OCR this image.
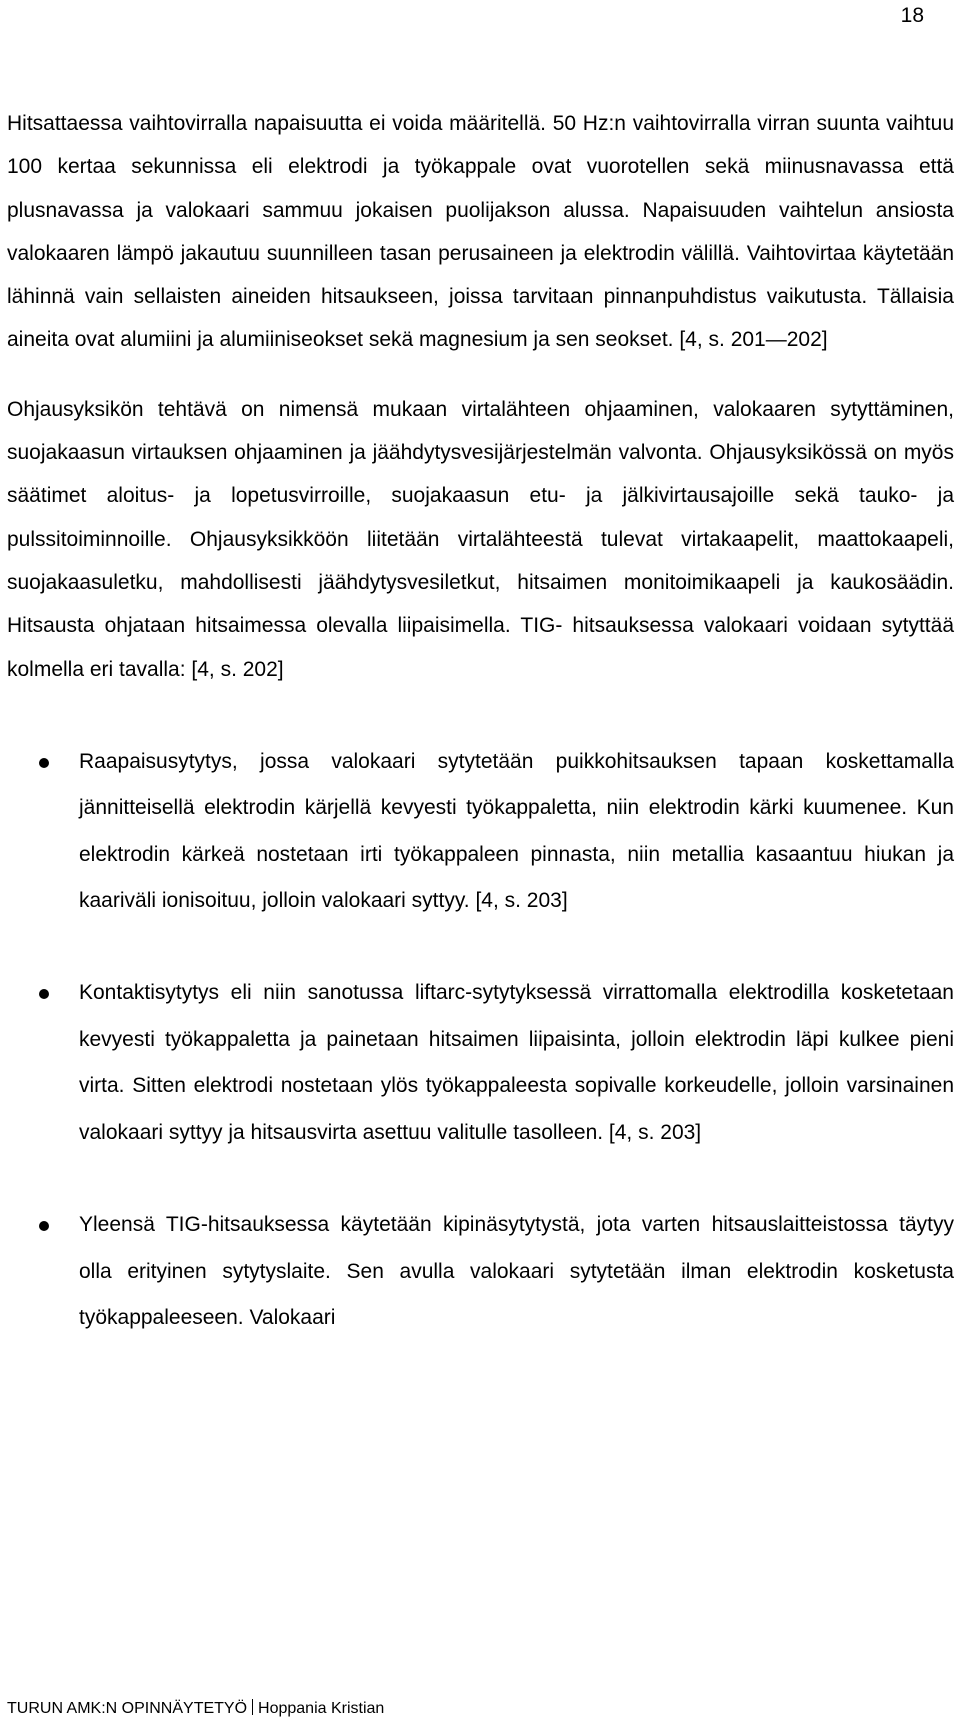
18

Hitsattaessa vaihtovirralla napaisuutta ei voida määritellä. 50 Hz:n vaihtovirralla virran suunta vaihtuu 100 kertaa sekunnissa eli elektrodi ja työkappale ovat vuorotellen sekä miinusnavassa että plusnavassa ja valokaari sammuu jokaisen puolijakson alussa. Napaisuuden vaihtelun ansiosta valokaaren lämpö jakautuu suunnilleen tasan perusaineen ja elektrodin välillä. Vaihtovirtaa käytetään lähinnä vain sellaisten aineiden hitsaukseen, joissa tarvitaan pinnanpuhdistus vaikutusta. Tällaisia aineita ovat alumiini ja alumiiniseokset sekä magnesium ja sen seokset. [4, s. 201—202]

Ohjausyksikön tehtävä on nimensä mukaan virtalähteen ohjaaminen, valokaaren sytyttäminen, suojakaasun virtauksen ohjaaminen ja jäähdytysvesijärjestelmän valvonta. Ohjausyksikössä on myös säätimet aloitus- ja lopetusvirroille, suojakaasun etu- ja jälkivirtausajoille sekä tauko- ja pulssitoiminnoille. Ohjausyksikköön liitetään virtalähteestä tulevat virtakaapelit, maattokaapeli, suojakaasuletku, mahdollisesti jäähdytysvesiletkut, hitsaimen monitoimikaapeli ja kaukosäädin. Hitsausta ohjataan hitsaimessa olevalla liipaisimella. TIG- hitsauksessa valokaari voidaan sytyttää kolmella eri tavalla: [4, s. 202]

Raapaisusytytys, jossa valokaari sytytetään puikkohitsauksen tapaan koskettamalla jännitteisellä elektrodin kärjellä kevyesti työkappaletta, niin elektrodin kärki kuumenee. Kun elektrodin kärkeä nostetaan irti työkappaleen pinnasta, niin metallia kasaantuu hiukan ja kaariväli ionisoituu, jolloin valokaari syttyy. [4, s. 203]
Kontaktisytytys eli niin sanotussa liftarc-sytytyksessä virrattomalla elektrodilla kosketetaan kevyesti työkappaletta ja painetaan hitsaimen liipaisinta, jolloin elektrodin läpi kulkee pieni virta. Sitten elektrodi nostetaan ylös työkappaleesta sopivalle korkeudelle, jolloin varsinainen valokaari syttyy ja hitsausvirta asettuu valitulle tasolleen. [4, s. 203]
Yleensä TIG-hitsauksessa käytetään kipinäsytytystä, jota varten hitsauslaitteistossa täytyy olla erityinen sytytyslaite. Sen avulla valokaari sytytetään ilman elektrodin kosketusta työkappaleeseen. Valokaari
TURUN AMK:N OPINNÄYTETYÖ Hoppania Kristian
